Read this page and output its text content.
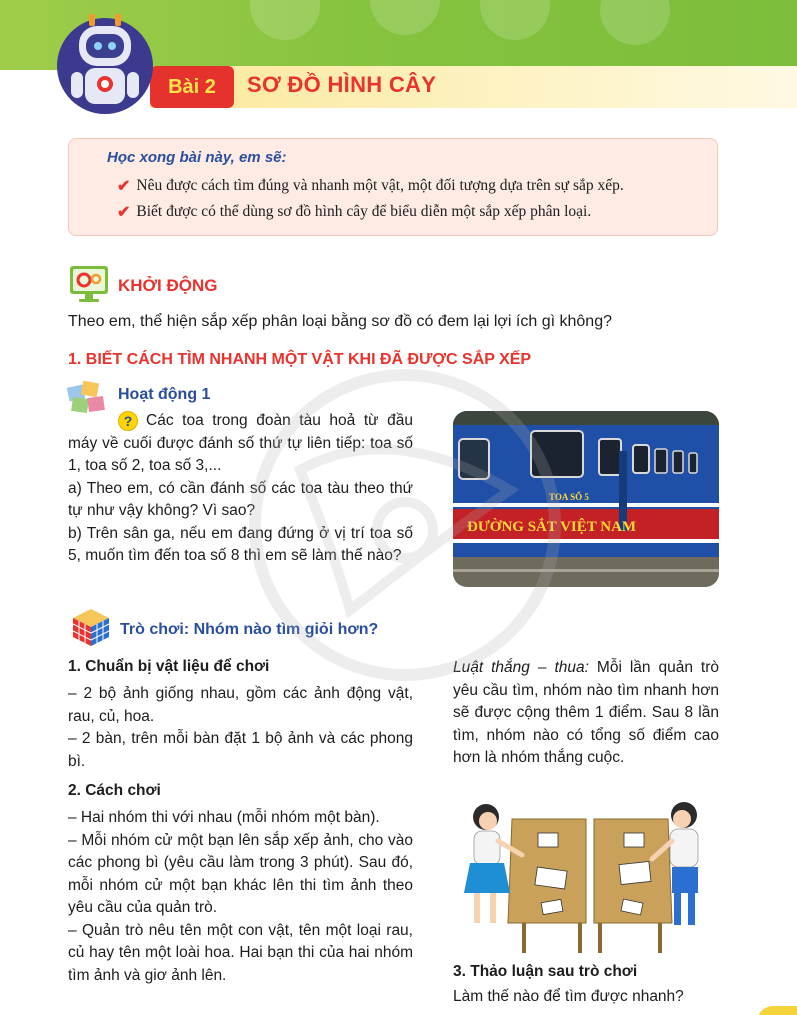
Bài 2	SƠ ĐỒ HÌNH CÂY
Học xong bài này, em sẽ:
✔ Nêu được cách tìm đúng và nhanh một vật, một đối tượng dựa trên sự sắp xếp.
✔ Biết được có thể dùng sơ đồ hình cây để biểu diễn một sắp xếp phân loại.
KHỞI ĐỘNG
Theo em, thể hiện sắp xếp phân loại bằng sơ đồ có đem lại lợi ích gì không?
1. BIẾT CÁCH TÌM NHANH MỘT VẬT KHI ĐÃ ĐƯỢC SẮP XẾP
Hoạt động 1

? Các toa trong đoàn tàu hoả từ đầu máy về cuối được đánh số thứ tự liên tiếp: toa số 1, toa số 2, toa số 3,...

a) Theo em, có cần đánh số các toa tàu theo thứ tự như vậy không? Vì sao?

b) Trên sân ga, nếu em đang đứng ở vị trí toa số 5, muốn tìm đến toa số 8 thì em sẽ làm thế nào?

TOA SỐ 5
ĐƯỜNG SẮT VIỆT NAM
Trò chơi: Nhóm nào tìm giỏi hơn?
1. Chuẩn bị vật liệu để chơi

– 2 bộ ảnh giống nhau, gồm các ảnh động vật, rau, củ, hoa.

– 2 bàn, trên mỗi bàn đặt 1 bộ ảnh và các phong bì.

2. Cách chơi

– Hai nhóm thi với nhau (mỗi nhóm một bàn).

– Mỗi nhóm cử một bạn lên sắp xếp ảnh, cho vào các phong bì (yêu cầu làm trong 3 phút). Sau đó, mỗi nhóm cử một bạn khác lên thi tìm ảnh theo yêu cầu của quản trò.

– Quản trò nêu tên một con vật, tên một loại rau, củ hay tên một loài hoa. Hai bạn thi của hai nhóm tìm ảnh và giơ ảnh lên.

Luật thắng – thua: Mỗi lần quản trò yêu cầu tìm, nhóm nào tìm nhanh hơn sẽ được cộng thêm 1 điểm. Sau 8 lần tìm, nhóm nào có tổng số điểm cao hơn là nhóm thắng cuộc.

3. Thảo luận sau trò chơi
Làm thế nào để tìm được nhanh?
